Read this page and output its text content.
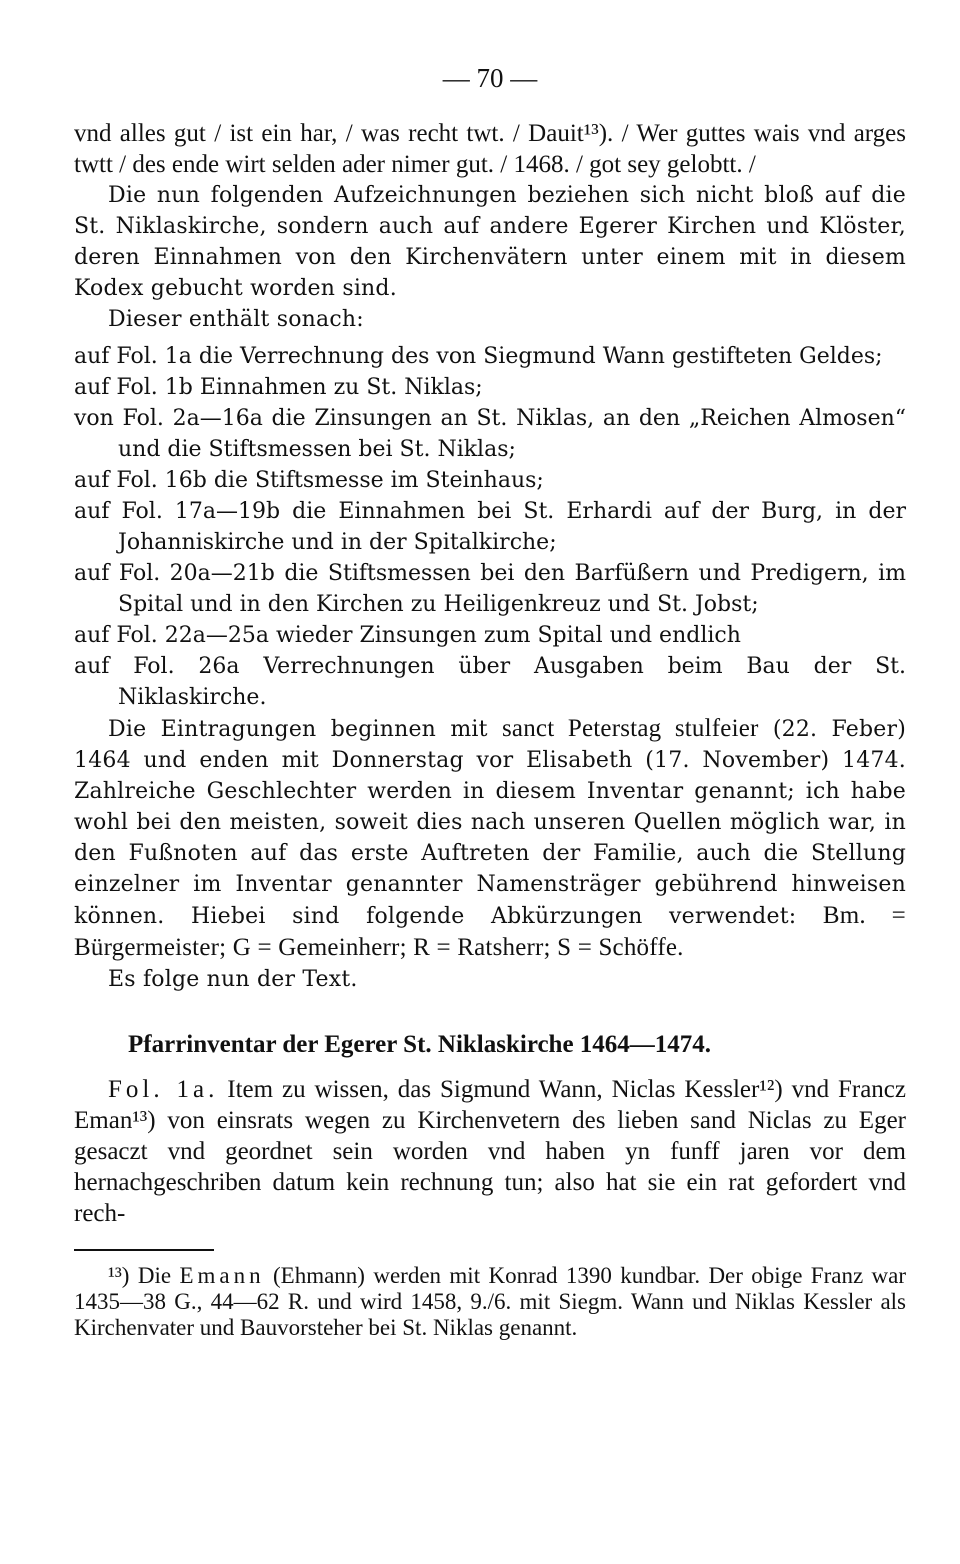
— 70 —

vnd alles gut / ist ein har, / was recht twt. / Dauit¹³). / Wer guttes wais vnd arges twtt / des ende wirt selden ader nimer gut. / 1468. / got sey gelobtt. /

Die nun folgenden Aufzeichnungen beziehen sich nicht bloß auf die St. Niklaskirche, sondern auch auf andere Egerer Kirchen und Klöster, deren Einnahmen von den Kirchenvätern unter einem mit in diesem Kodex gebucht worden sind.

Dieser enthält sonach:

auf Fol. 1a die Verrechnung des von Siegmund Wann gestifteten Geldes;

auf Fol. 1b Einnahmen zu St. Niklas;

von Fol. 2a—16a die Zinsungen an St. Niklas, an den „Reichen Almosen“ und die Stiftsmessen bei St. Niklas;

auf Fol. 16b die Stiftsmesse im Steinhaus;

auf Fol. 17a—19b die Einnahmen bei St. Erhardi auf der Burg, in der Johanniskirche und in der Spitalkirche;

auf Fol. 20a—21b die Stiftsmessen bei den Barfüßern und Predigern, im Spital und in den Kirchen zu Heiligenkreuz und St. Jobst;

auf Fol. 22a—25a wieder Zinsungen zum Spital und endlich

auf Fol. 26a Verrechnungen über Ausgaben beim Bau der St. Niklaskirche.

Die Eintragungen beginnen mit sanct Peterstag stulfeier (22. Feber) 1464 und enden mit Donnerstag vor Elisabeth (17. November) 1474. Zahlreiche Geschlechter werden in diesem Inventar genannt; ich habe wohl bei den meisten, soweit dies nach unseren Quellen möglich war, in den Fußnoten auf das erste Auftreten der Familie, auch die Stellung einzelner im Inventar genannter Namensträger gebührend hinweisen können. Hiebei sind folgende Abkürzungen verwendet: Bm. = Bürgermeister; G = Gemeinherr; R = Ratsherr; S = Schöffe.

Es folge nun der Text.

Pfarrinventar der Egerer St. Niklaskirche 1464—1474.

Fol. 1a. Item zu wissen, das Sigmund Wann, Niclas Kessler¹²) vnd Francz Eman¹³) von einsrats wegen zu Kirchenvetern des lieben sand Niclas zu Eger gesaczt vnd geordnet sein worden vnd haben yn funff jaren vor dem hernachgeschriben datum kein rechnung tun; also hat sie ein rat gefordert vnd rech-

¹³) Die Emann (Ehmann) werden mit Konrad 1390 kundbar. Der obige Franz war 1435—38 G., 44—62 R. und wird 1458, 9./6. mit Siegm. Wann und Niklas Kessler als Kirchenvater und Bauvorsteher bei St. Niklas genannt.
